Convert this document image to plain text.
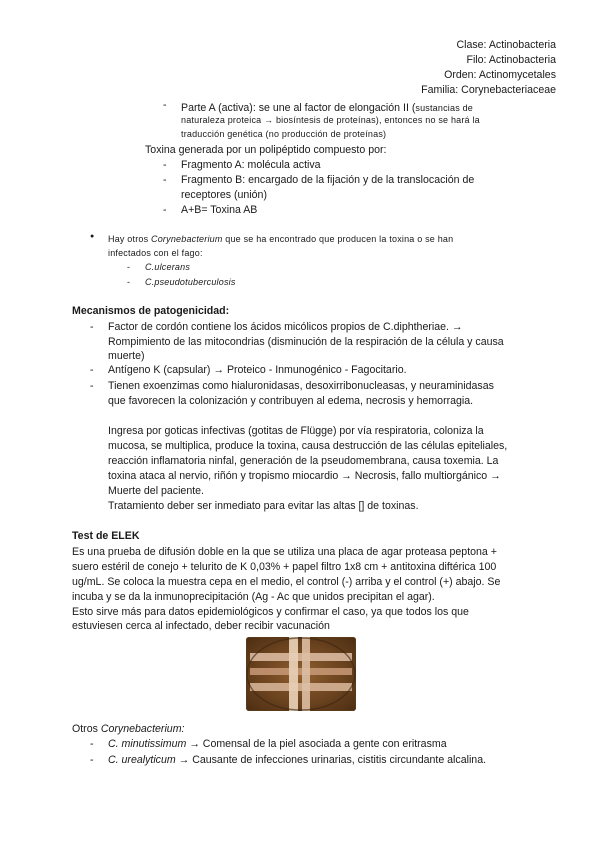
Clase: Actinobacteria
Filo: Actinobacteria
Orden: Actinomycetales
Familia: Corynebacteriaceae
-	Parte A (activa): se une al factor de elongación II (sustancias de
naturaleza proteica → biosíntesis de proteínas), entonces no se hará la
traducción genética (no producción de proteínas)
Toxina generada por un polipéptido compuesto por:
-	Fragmento A: molécula activa
-	Fragmento B: encargado de la fijación y de la translocación de
receptores (unión)
-	A+B= Toxina AB
● Hay otros Corynebacterium que se ha encontrado que producen la toxina o se han
infectados con el fago:
-	C.ulcerans
-	C.pseudotuberculosis
Mecanismos de patogenicidad:
-	Factor de cordón contiene los ácidos micólicos propios de C.diphtheriae. →
Rompimiento de las mitocondrias (disminución de la respiración de la célula y causa
muerte)
-	Antígeno K (capsular) → Proteico - Inmunogénico - Fagocitario.
-	Tienen exoenzimas como hialuronidasas, desoxirribonucleasas, y neuraminidasas
que favorecen la colonización y contribuyen al edema, necrosis y hemorragia.
Ingresa por goticas infectivas (gotitas de Flügge) por vía respiratoria, coloniza la
mucosa, se multiplica, produce la toxina, causa destrucción de las células epiteliales,
reacción inflamatoria ninfal, generación de la pseudomembrana, causa toxemia. La
toxina ataca al nervio, riñón y tropismo miocardio → Necrosis, fallo multiorgánico →
Muerte del paciente.
Tratamiento deber ser inmediato para evitar las altas [] de toxinas.
Test de ELEK
Es una prueba de difusión doble en la que se utiliza una placa de agar proteasa peptona +
suero estéril de conejo + telurito de K 0,03% + papel filtro 1x8 cm + antitoxina diftérica 100
ug/mL. Se coloca la muestra cepa en el medio, el control (-) arriba y el control (+) abajo. Se
incuba y se da la inmunoprecipitación (Ag - Ac que unidos precipitan el agar).
Esto sirve más para datos epidemiológicos y confirmar el caso, ya que todos los que
estuviesen cerca al infectado, deber recibir vacunación
Otros Corynebacterium:
-	C. minutissimum → Comensal de la piel asociada a gente con eritrasma
-	C. urealyticum → Causante de infecciones urinarias, cistitis circundante alcalina.
